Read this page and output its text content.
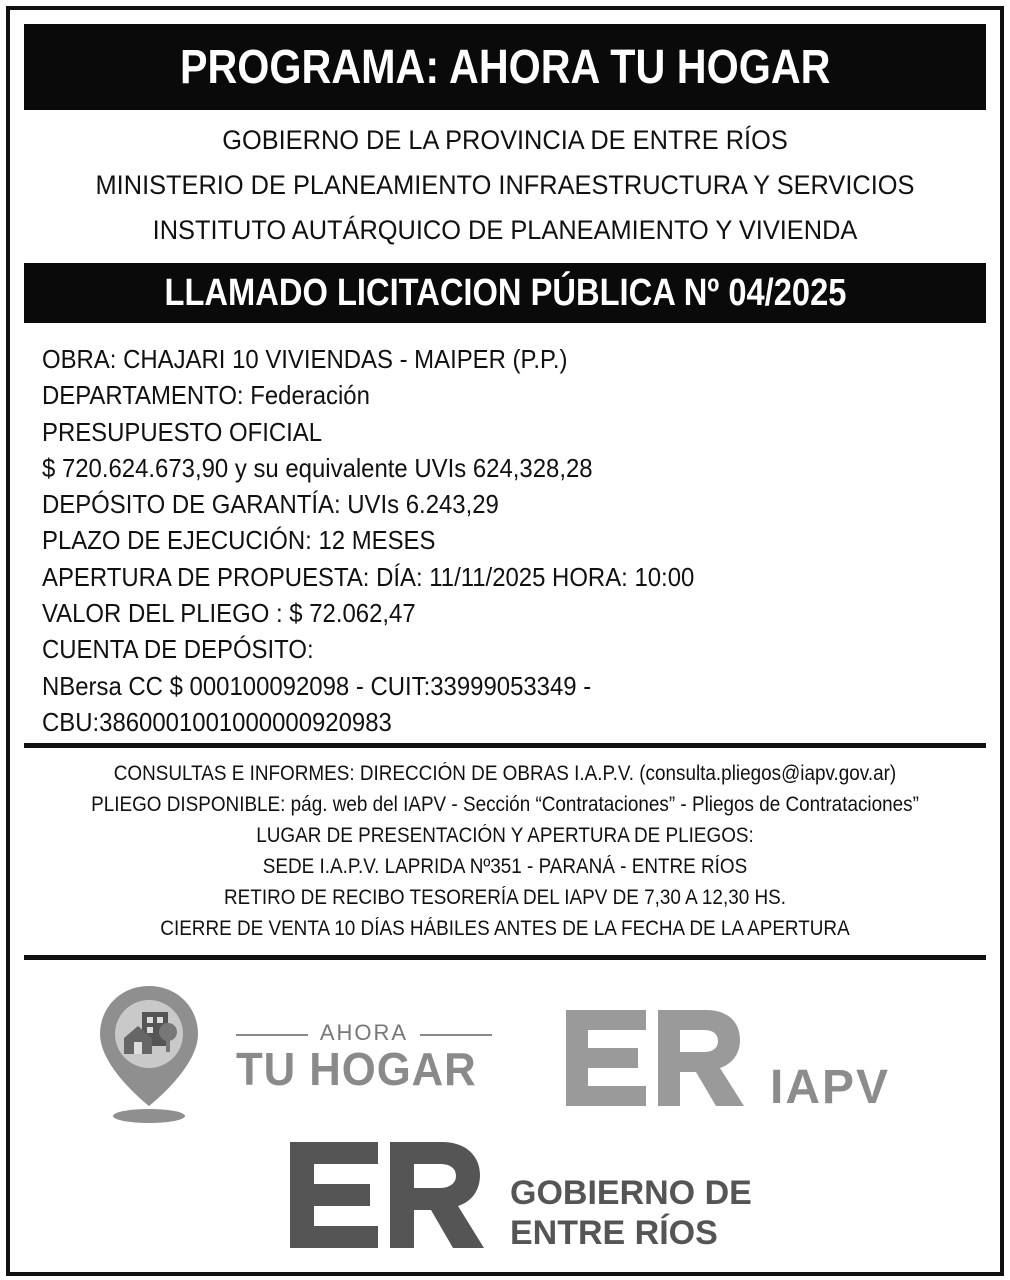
PROGRAMA: AHORA TU HOGAR
GOBIERNO DE LA PROVINCIA DE ENTRE RÍOS
MINISTERIO DE PLANEAMIENTO INFRAESTRUCTURA Y SERVICIOS
INSTITUTO AUTÁRQUICO DE PLANEAMIENTO Y VIVIENDA
LLAMADO LICITACION PÚBLICA Nº 04/2025
OBRA: CHAJARI 10 VIVIENDAS - MAIPER (P.P.)
DEPARTAMENTO: Federación
PRESUPUESTO OFICIAL
$ 720.624.673,90 y su equivalente UVIs 624,328,28
DEPÓSITO DE GARANTÍA: UVIs 6.243,29
PLAZO DE EJECUCIÓN: 12 MESES
APERTURA DE PROPUESTA: DÍA: 11/11/2025 HORA: 10:00
VALOR DEL PLIEGO : $ 72.062,47
CUENTA DE DEPÓSITO:
NBersa CC $ 000100092098 - CUIT:33999053349 -
CBU:3860001001000000920983
CONSULTAS E INFORMES: DIRECCIÓN DE OBRAS I.A.P.V. (consulta.pliegos@iapv.gov.ar)
PLIEGO DISPONIBLE: pág. web del IAPV - Sección “Contrataciones” - Pliegos de Contrataciones”
LUGAR DE PRESENTACIÓN Y APERTURA DE PLIEGOS:
SEDE I.A.P.V. LAPRIDA Nº351 - PARANÁ - ENTRE RÍOS
RETIRO DE RECIBO TESORERÍA DEL IAPV DE 7,30 A 12,30 HS.
CIERRE DE VENTA 10 DÍAS HÁBILES ANTES DE LA FECHA DE LA APERTURA
AHORA
TU HOGAR	IAPV
GOBIERNO DE
ENTRE RÍOS
